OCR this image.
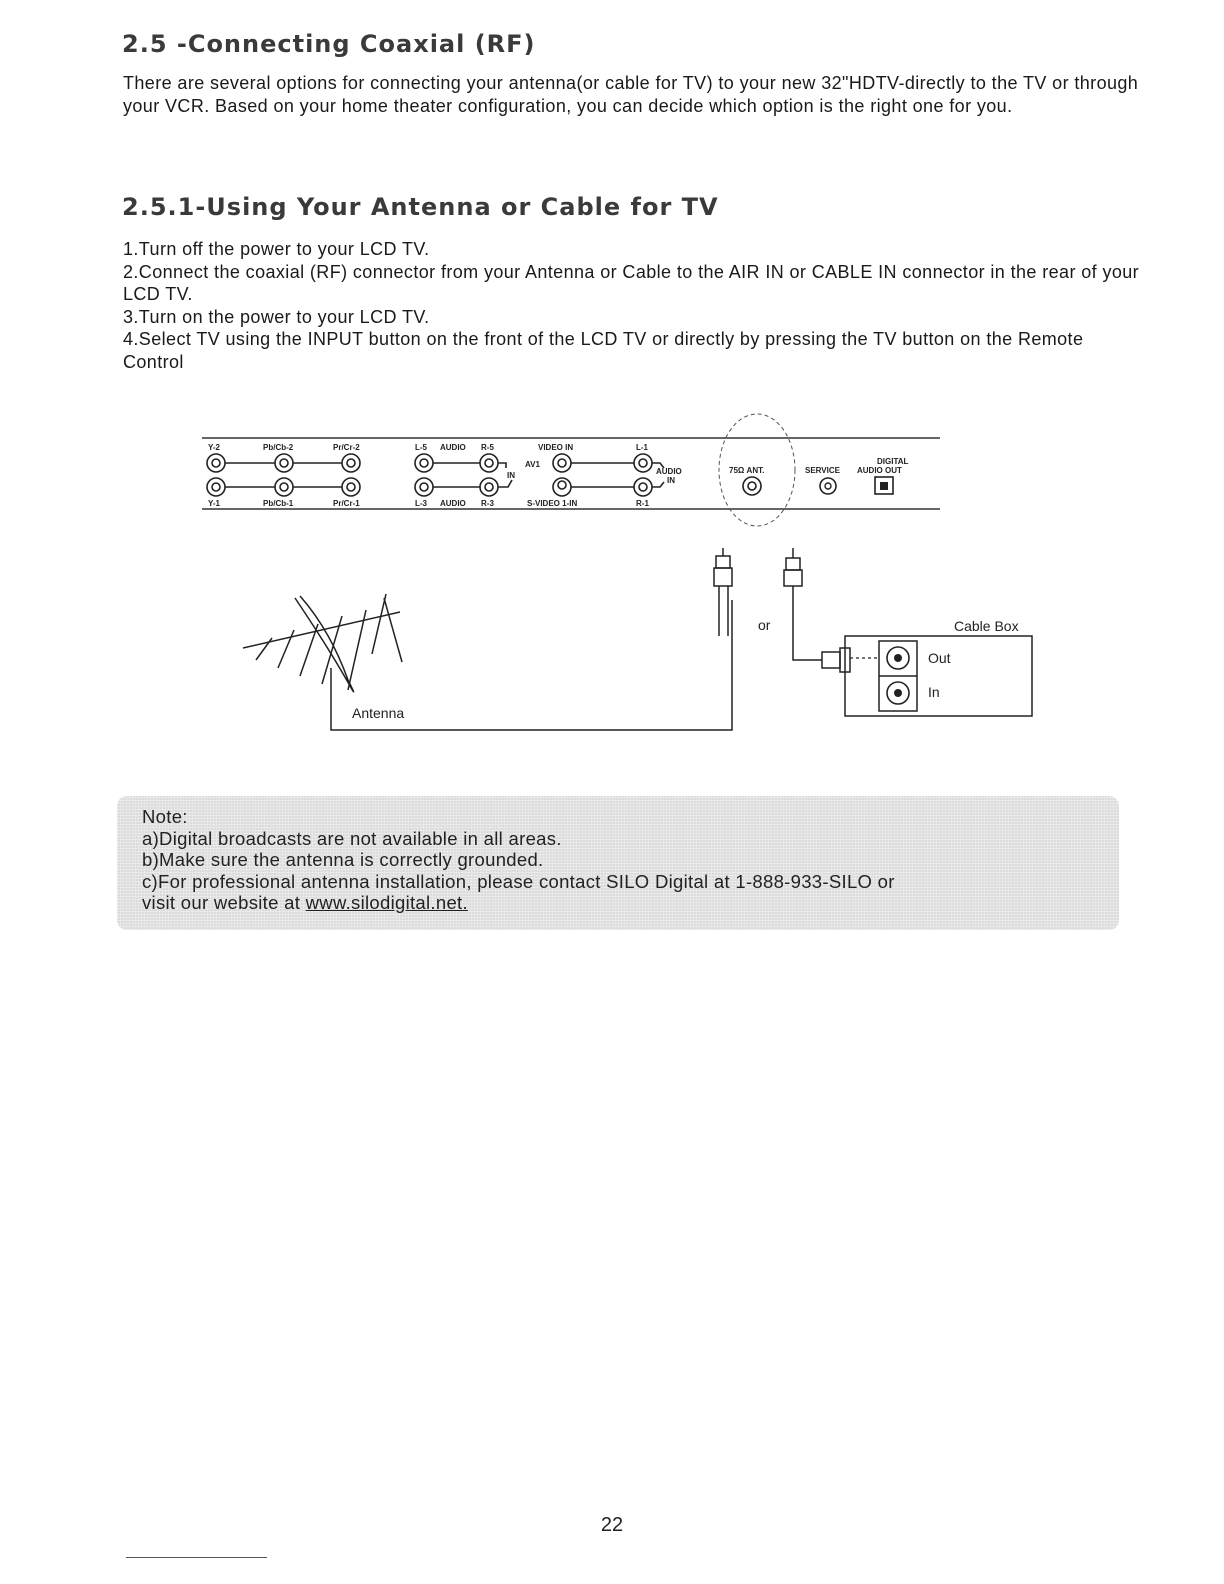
2.5 -Connecting Coaxial (RF)

There are several options for connecting your antenna(or cable for TV) to your new 32"HDTV-directly to the TV or through your VCR. Based on your home theater configuration, you can decide which option is the right one for you.

2.5.1-Using Your Antenna or Cable for TV
1.Turn off the power to your LCD TV.
2.Connect the coaxial (RF) connector from your Antenna or Cable to the AIR IN or CABLE IN connector in the rear of your LCD TV.
3.Turn on the power to your LCD TV.
4.Select TV using the INPUT button on the front of the LCD TV or directly by pressing the TV button on the Remote Control
Y-2	Pb/Cb-2	Pr/Cr-2	L-5 AUDIO R-5	VIDEO IN	L-1
Y-1	Pb/Cb-1	Pr/Cr-1	L-3 AUDIO R-3	S-VIDEO 1-IN	R-1
AV1
IN	AUDIO
IN
75Ω ANT.	SERVICE
DIGITAL
AUDIO OUT
Antenna
or	Cable Box
Out
In
Note:
a)Digital broadcasts are not available in all areas.
b)Make sure the antenna is correctly grounded.
c)For professional antenna installation, please contact SILO Digital at 1-888-933-SILO or
visit our website at www.silodigital.net.
22
